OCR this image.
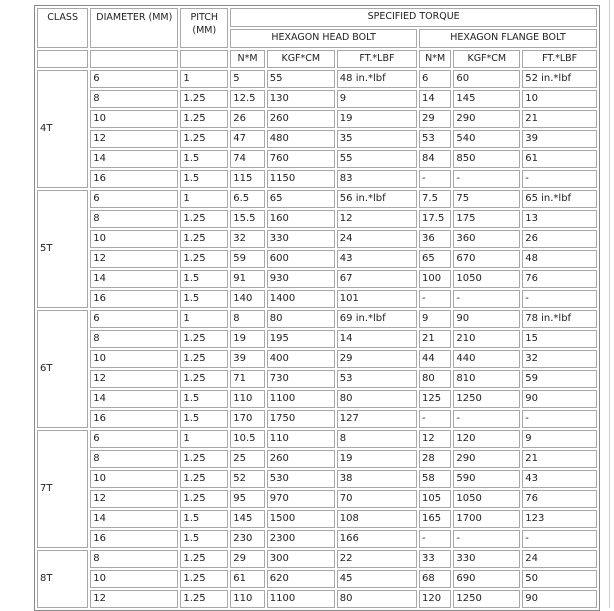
CLASS	DIAMETER (MM)	PITCH (MM)	SPECIFIED TORQUE					
			HEXAGON HEAD BOLT			HEXAGON FLANGE BOLT		
			N*M	KGF*CM	FT.*LBF	N*M	KGF*CM	FT.*LBF
4T	6	1	5	55	48 in.*lbf	6	60	52 in.*lbf
	8	1.25	12.5	130	9	14	145	10
	10	1.25	26	260	19	29	290	21
	12	1.25	47	480	35	53	540	39
	14	1.5	74	760	55	84	850	61
	16	1.5	115	1150	83	-	-	-
5T	6	1	6.5	65	56 in.*lbf	7.5	75	65 in.*lbf
	8	1.25	15.5	160	12	17.5	175	13
	10	1.25	32	330	24	36	360	26
	12	1.25	59	600	43	65	670	48
	14	1.5	91	930	67	100	1050	76
	16	1.5	140	1400	101	-	-	-
6T	6	1	8	80	69 in.*lbf	9	90	78 in.*lbf
	8	1.25	19	195	14	21	210	15
	10	1.25	39	400	29	44	440	32
	12	1.25	71	730	53	80	810	59
	14	1.5	110	1100	80	125	1250	90
	16	1.5	170	1750	127	-	-	-
7T	6	1	10.5	110	8	12	120	9
	8	1.25	25	260	19	28	290	21
	10	1.25	52	530	38	58	590	43
	12	1.25	95	970	70	105	1050	76
	14	1.5	145	1500	108	165	1700	123
	16	1.5	230	2300	166	-	-	-
8T	8	1.25	29	300	22	33	330	24
	10	1.25	61	620	45	68	690	50
	12	1.25	110	1100	80	120	1250	90
